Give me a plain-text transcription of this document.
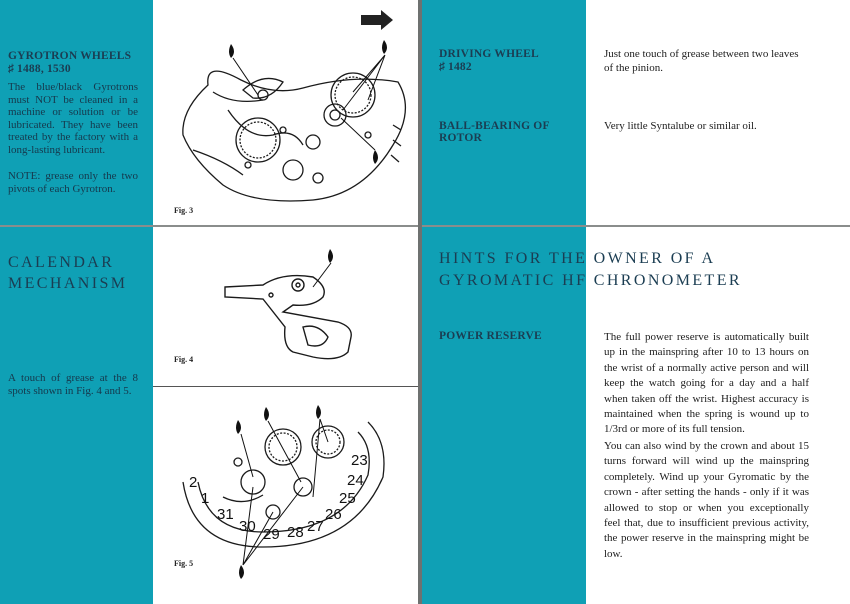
GYROTRON WHEELS
♯ 1488, 1530
The blue/black Gyrotrons must NOT be cleaned in a machine or solution or be lubricated. They have been treated by the factory with a long-lasting lubricant.
NOTE: grease only the two pivots of each Gyrotron.
CALENDAR
MECHANISM
A touch of grease at the 8 spots shown in Fig. 4 and 5.
Fig. 3
Fig. 4
Fig. 5
23
24
25
26
27
28
29
30
31
1
2
DRIVING WHEEL
♯ 1482
Just one touch of grease between two leaves of the pinion.
BALL-BEARING OF
ROTOR
Very little Syntalube or similar oil.
HINTS FOR THE OWNER OF A
GYROMATIC HF CHRONOMETER
POWER RESERVE	The full power reserve is automatically built up in the mainspring after 10 to 13 hours on the wrist of a normally active person and will keep the watch going for a day and a half when taken off the wrist. Highest accuracy is maintained when the spring is wound up to 1/3rd or more of its full tension.
You can also wind by the crown and about 15 turns forward will wind up the mainspring completely. Wind up your Gyromatic by the crown - after setting the hands - only if it was allowed to stop or when you exceptionally feel that, due to insufficient previous activity, the power reserve in the mainspring might be low.
